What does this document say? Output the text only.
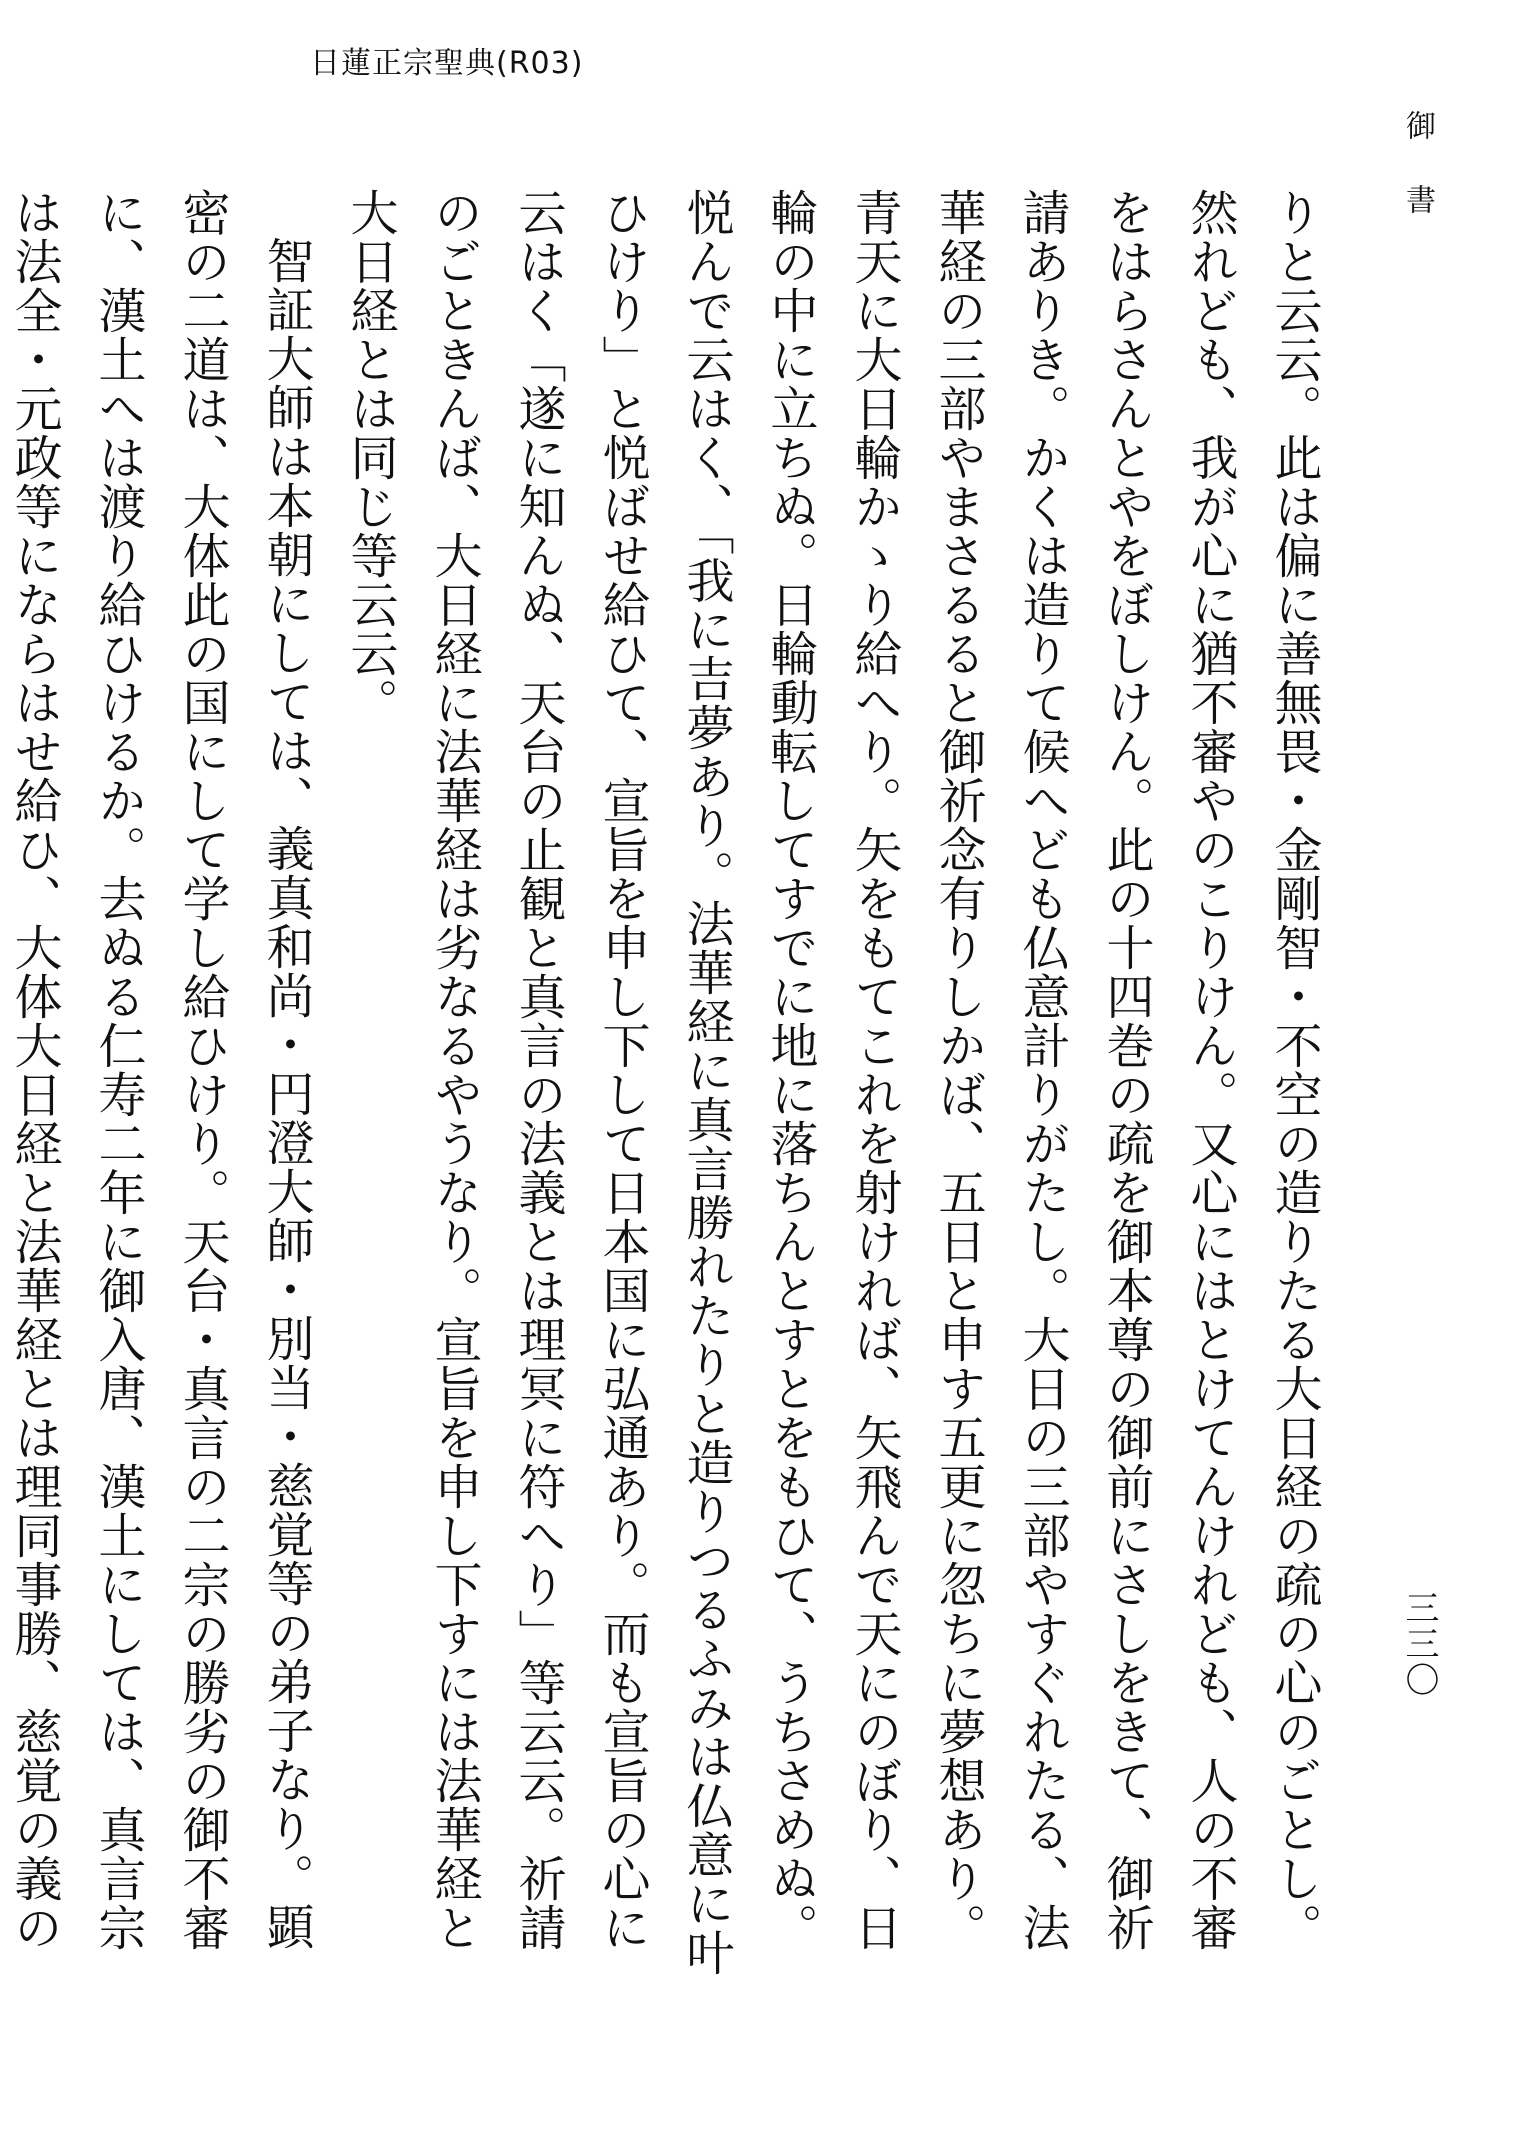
日蓮正宗聖典(R03)
御書
三三〇

りと云云。此は偏に善無畏・金剛智・不空の造りたる大日経の疏の心のごとし。然れども、我が心に猶不審やのこりけん。又心にはとけてんけれども、人の不審をはらさんとやをぼしけん。此の十四巻の疏を御本尊の御前にさしをきて、御祈請ありき。かくは造りて候へども仏意計りがたし。大日の三部やすぐれたる、法華経の三部やまさるると御祈念有りしかば、五日と申す五更に忽ちに夢想あり。青天に大日輪かゝり給へり。矢をもてこれを射ければ、矢飛んで天にのぼり、日輪の中に立ちぬ。日輪動転してすでに地に落ちんとすとをもひて、うちさめぬ。悦んで云はく、「我に吉夢あり。法華経に真言勝れたりと造りつるふみは仏意に叶ひけり」と悦ばせ給ひて、宣旨を申し下して日本国に弘通あり。而も宣旨の心に云はく「遂に知んぬ、天台の止観と真言の法義とは理冥に符へり」等云云。祈請のごときんば、大日経に法華経は劣なるやうなり。宣旨を申し下すには法華経と大日経とは同じ等云云。

智証大師は本朝にしては、義真和尚・円澄大師・別当・慈覚等の弟子なり。顕密の二道は、大体此の国にして学し給ひけり。天台・真言の二宗の勝劣の御不審に、漢土へは渡り給ひけるか。去ぬる仁寿二年に御入唐、漢土にしては、真言宗は法全・元政等にならはせ給ひ、大体大日経と法華経とは理同事勝、慈覚の義の
